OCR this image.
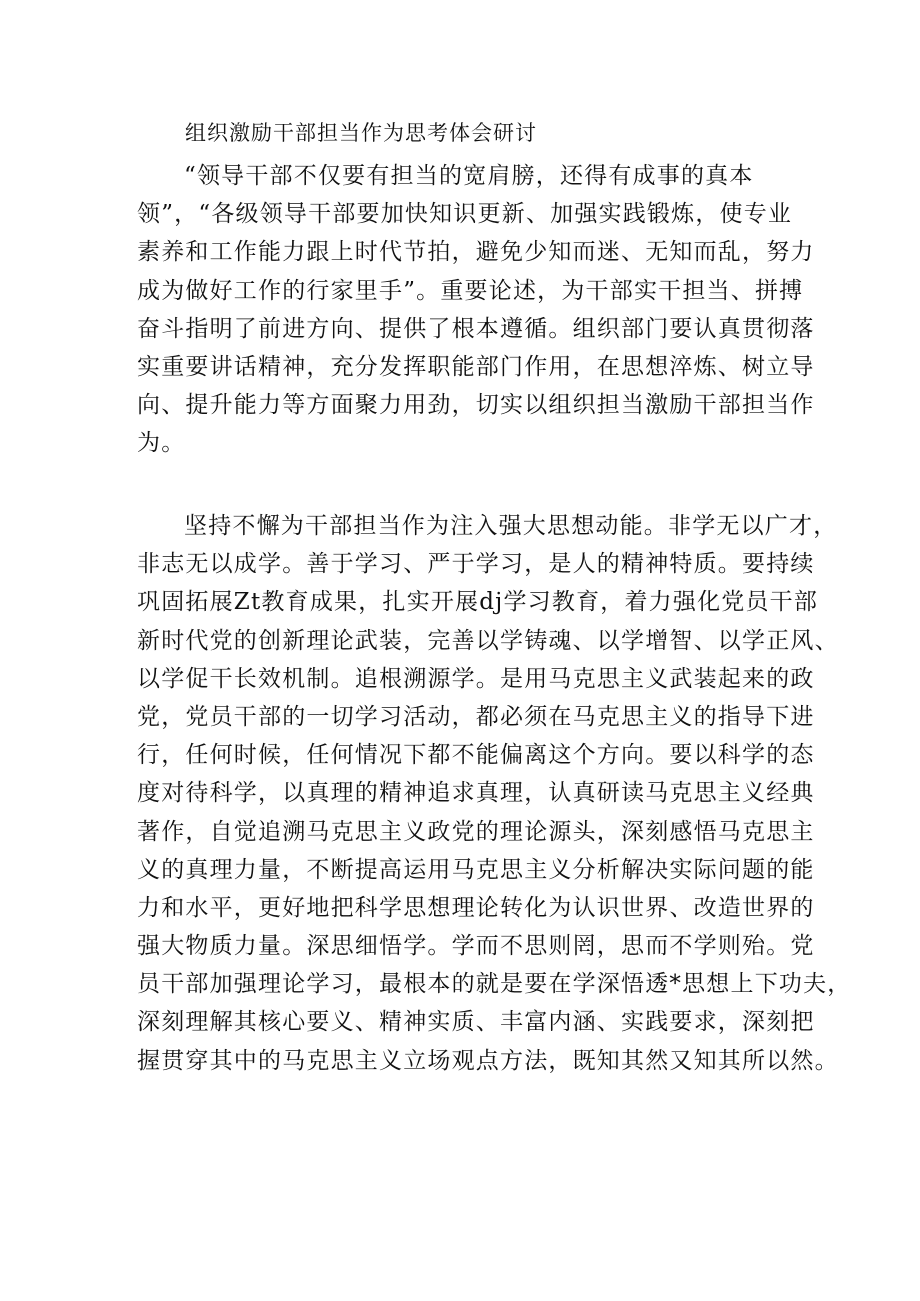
组织激励干部担当作为思考体会研讨
“领导干部不仅要有担当的宽肩膀，还得有成事的真本
领”，“各级领导干部要加快知识更新、加强实践锻炼，使专业
素养和工作能力跟上时代节拍，避免少知而迷、无知而乱，努力
成为做好工作的行家里手”。重要论述，为干部实干担当、拼搏
奋斗指明了前进方向、提供了根本遵循。组织部门要认真贯彻落
实重要讲话精神，充分发挥职能部门作用，在思想淬炼、树立导
向、提升能力等方面聚力用劲，切实以组织担当激励干部担当作
为。
坚持不懈为干部担当作为注入强大思想动能。非学无以广才，
非志无以成学。善于学习、严于学习，是人的精神特质。要持续
巩固拓展Zt教育成果，扎实开展dj学习教育，着力强化党员干部
新时代党的创新理论武装，完善以学铸魂、以学增智、以学正风、
以学促干长效机制。追根溯源学。是用马克思主义武装起来的政
党，党员干部的一切学习活动，都必须在马克思主义的指导下进
行，任何时候，任何情况下都不能偏离这个方向。要以科学的态
度对待科学，以真理的精神追求真理，认真研读马克思主义经典
著作，自觉追溯马克思主义政党的理论源头，深刻感悟马克思主
义的真理力量，不断提高运用马克思主义分析解决实际问题的能
力和水平，更好地把科学思想理论转化为认识世界、改造世界的
强大物质力量。深思细悟学。学而不思则罔，思而不学则殆。党
员干部加强理论学习，最根本的就是要在学深悟透*思想上下功夫，
深刻理解其核心要义、精神实质、丰富内涵、实践要求，深刻把
握贯穿其中的马克思主义立场观点方法，既知其然又知其所以然。
